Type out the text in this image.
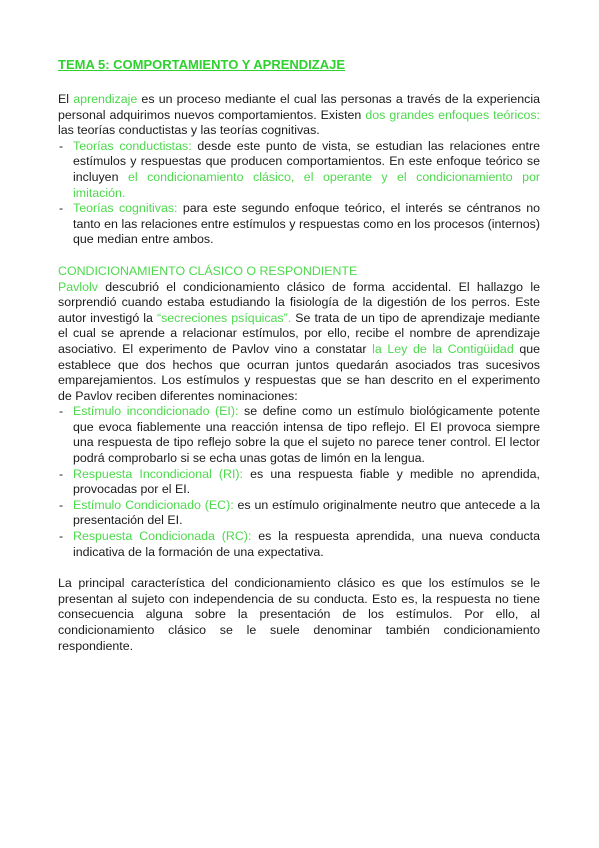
TEMA 5: COMPORTAMIENTO Y APRENDIZAJE

El aprendizaje es un proceso mediante el cual las personas a través de la experiencia personal adquirimos nuevos comportamientos. Existen dos grandes enfoques teóricos: las teorías conductistas y las teorías cognitivas.

- Teorías conductistas: desde este punto de vista, se estudian las relaciones entre estímulos y respuestas que producen comportamientos. En este enfoque teórico se incluyen el condicionamiento clásico, el operante y el condicionamiento por imitación.
- Teorías cognitivas: para este segundo enfoque teórico, el interés se céntranos no tanto en las relaciones entre estímulos y respuestas como en los procesos (internos) que median entre ambos.
CONDICIONAMIENTO CLÁSICO O RESPONDIENTE

Pavlolv descubrió el condicionamiento clásico de forma accidental. El hallazgo le sorprendió cuando estaba estudiando la fisiología de la digestión de los perros. Este autor investigó la “secreciones psíquicas”. Se trata de un tipo de aprendizaje mediante el cual se aprende a relacionar estímulos, por ello, recibe el nombre de aprendizaje asociativo. El experimento de Pavlov vino a constatar la Ley de la Contigüidad que establece que dos hechos que ocurran juntos quedarán asociados tras sucesivos emparejamientos. Los estímulos y respuestas que se han descrito en el experimento de Pavlov reciben diferentes nominaciones:

- Estímulo incondicionado (EI): se define como un estímulo biológicamente potente que evoca fiablemente una reacción intensa de tipo reflejo. El EI provoca siempre una respuesta de tipo reflejo sobre la que el sujeto no parece tener control. El lector podrá comprobarlo si se echa unas gotas de limón en la lengua.
- Respuesta Incondicional (RI): es una respuesta fiable y medible no aprendida, provocadas por el EI.
- Estímulo Condicionado (EC): es un estímulo originalmente neutro que antecede a la presentación del EI.
- Respuesta Condicionada (RC): es la respuesta aprendida, una nueva conducta indicativa de la formación de una expectativa.

La principal característica del condicionamiento clásico es que los estímulos se le presentan al sujeto con independencia de su conducta. Esto es, la respuesta no tiene consecuencia alguna sobre la presentación de los estímulos. Por ello, al condicionamiento clásico se le suele denominar también condicionamiento respondiente.
